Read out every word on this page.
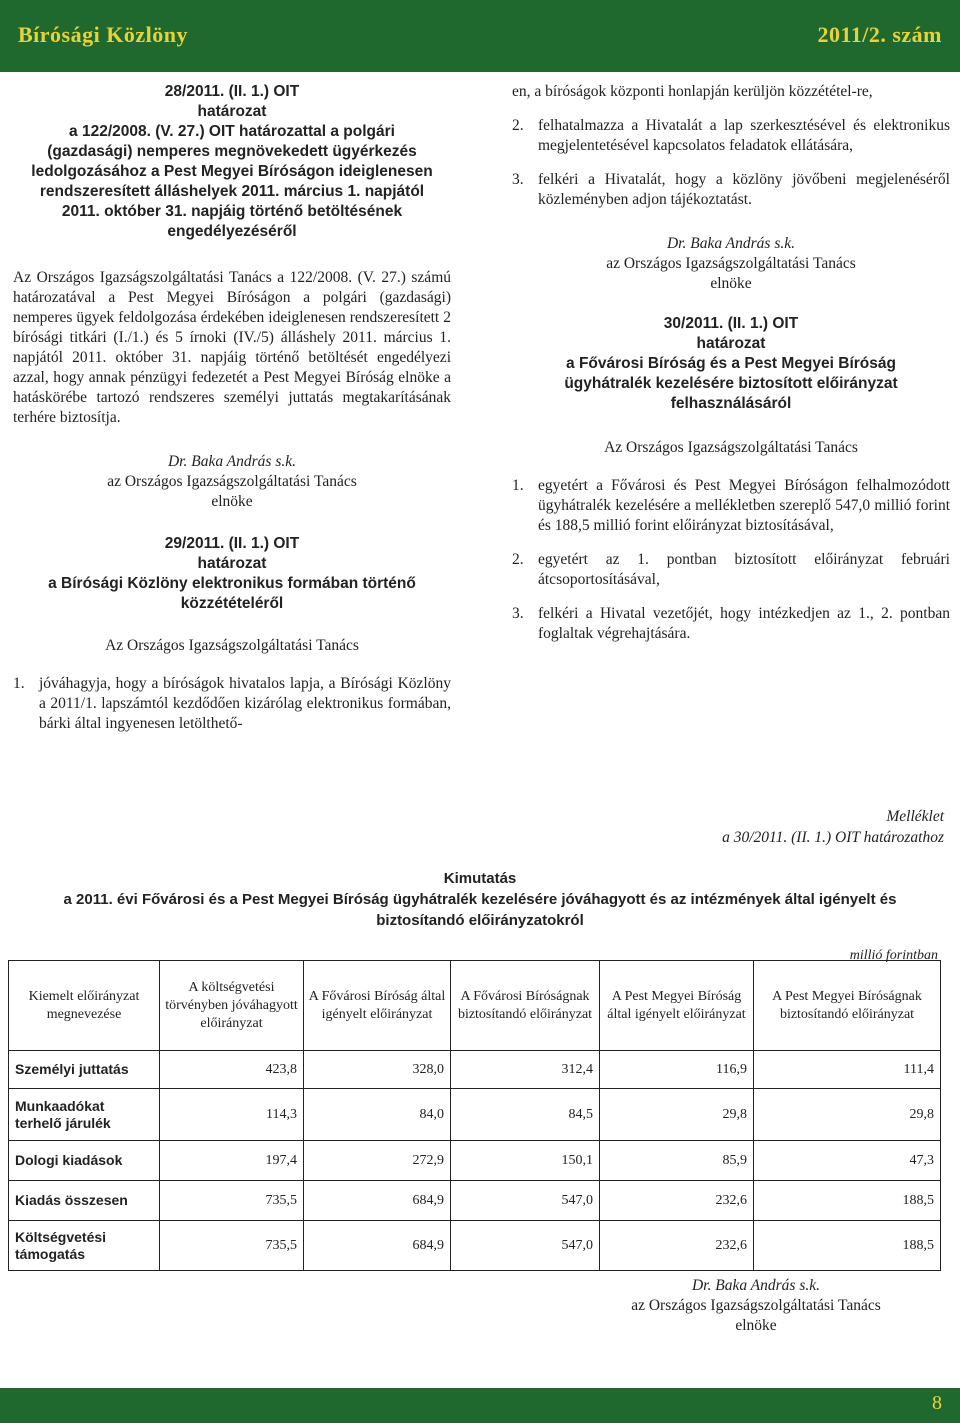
Bírósági Közlöny	2011/2. szám

28/2011. (II. 1.) OIT

határozat

a 122/2008. (V. 27.) OIT határozattal a polgári

(gazdasági) nemperes megnövekedett ügyérkezés

ledolgozásához a Pest Megyei Bíróságon ideiglenesen

rendszeresített álláshelyek 2011. március 1. napjától

2011. október 31. napjáig történő betöltésének

engedélyezéséről

Az Országos Igazságszolgáltatási Tanács a 122/2008. (V. 27.) számú határozatával a Pest Megyei Bíróságon a polgári (gazdasági) nemperes ügyek feldolgozása érdekében ideiglenesen rendszeresített 2 bírósági titkári (I./1.) és 5 írnoki (IV./5) álláshely 2011. március 1. napjától 2011. október 31. napjáig történő betöltését engedélyezi azzal, hogy annak pénzügyi fedezetét a Pest Megyei Bíróság elnöke a hatáskörébe tartozó rendszeres személyi juttatás megtakarításának terhére biztosítja.

Dr. Baka András s.k.

az Országos Igazságszolgáltatási Tanács

elnöke

29/2011. (II. 1.) OIT

határozat

a Bírósági Közlöny elektronikus formában történő

közzétételéről

Az Országos Igazságszolgáltatási Tanács

1. jóváhagyja, hogy a bíróságok hivatalos lapja, a Bírósági Közlöny a 2011/1. lapszámtól kezdődően kizárólag elektronikus formában, bárki által ingyenesen letölthető-

en, a bíróságok központi honlapján kerüljön közzététel-re,

2. felhatalmazza a Hivatalát a lap szerkesztésével és elektronikus megjelentetésével kapcsolatos feladatok ellátására,
3. felkéri a Hivatalát, hogy a közlöny jövőbeni megjelenéséről közleményben adjon tájékoztatást.

Dr. Baka András s.k.

az Országos Igazságszolgáltatási Tanács

elnöke

30/2011. (II. 1.) OIT

határozat

a Fővárosi Bíróság és a Pest Megyei Bíróság

ügyhátralék kezelésére biztosított előirányzat

felhasználásáról

Az Országos Igazságszolgáltatási Tanács

1. egyetért a Fővárosi és Pest Megyei Bíróságon felhalmozódott ügyhátralék kezelésére a mellékletben szereplő 547,0 millió forint és 188,5 millió forint előirányzat biztosításával,
2. egyetért az 1. pontban biztosított előirányzat februári átcsoportosításával,
3. felkéri a Hivatal vezetőjét, hogy intézkedjen az 1., 2. pontban foglaltak végrehajtására.
Melléklet
a 30/2011. (II. 1.) OIT határozathoz
Kimutatás
a 2011. évi Fővárosi és a Pest Megyei Bíróság ügyhátralék kezelésére jóváhagyott és az intézmények által igényelt és
biztosítandó előirányzatokról
millió forintban
Kiemelt előirányzat megnevezése	A költségvetési törvényben jóváhagyott előirányzat	A Fővárosi Bíróság által igényelt előirányzat	A Fővárosi Bíróságnak biztosítandó előirányzat	A Pest Megyei Bíróság által igényelt előirányzat	A Pest Megyei Bíróságnak biztosítandó előirányzat
Személyi juttatás	423,8	328,0	312,4	116,9	111,4
Munkaadókat terhelő járulék	114,3	84,0	84,5	29,8	29,8
Dologi kiadások	197,4	272,9	150,1	85,9	47,3
Kiadás összesen	735,5	684,9	547,0	232,6	188,5
Költségvetési támogatás	735,5	684,9	547,0	232,6	188,5
Dr. Baka András s.k.
az Országos Igazságszolgáltatási Tanács
elnöke
8
